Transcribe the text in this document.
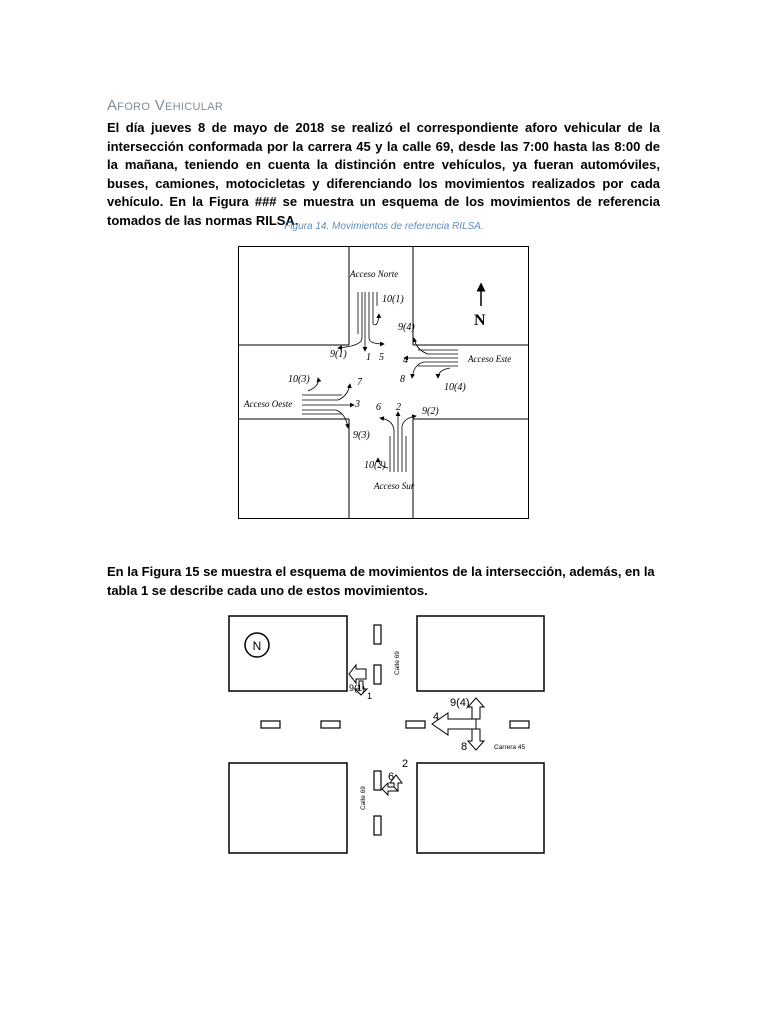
Aforo Vehicular
El día jueves 8 de mayo de 2018 se realizó el correspondiente aforo vehicular de la intersección conformada por la carrera 45 y la calle 69, desde las 7:00 hasta las 8:00 de la mañana, teniendo en cuenta la distinción entre vehículos, ya fueran automóviles, buses, camiones, motocicletas y diferenciando los movimientos realizados por cada vehículo. En la Figura ### se muestra un esquema de los movimientos de referencia tomados de las normas RILSA.
Figura 14. Movimientos de referencia RILSA.
N
Acceso Norte
Acceso Este
Acceso Oeste
Acceso Sur
10(1)
9(4)
9(1) 1 5 4
8
10(4)
10(3)	7
3 6 2 9(2)
9(3)
10(2)
En la Figura 15 se muestra el esquema de movimientos de la intersección, además, en la tabla 1 se describe cada uno de estos movimientos.
N
Calle 69
Calle 69
Carrera 45
9(1)
1
9(4)
4
8
2
6
